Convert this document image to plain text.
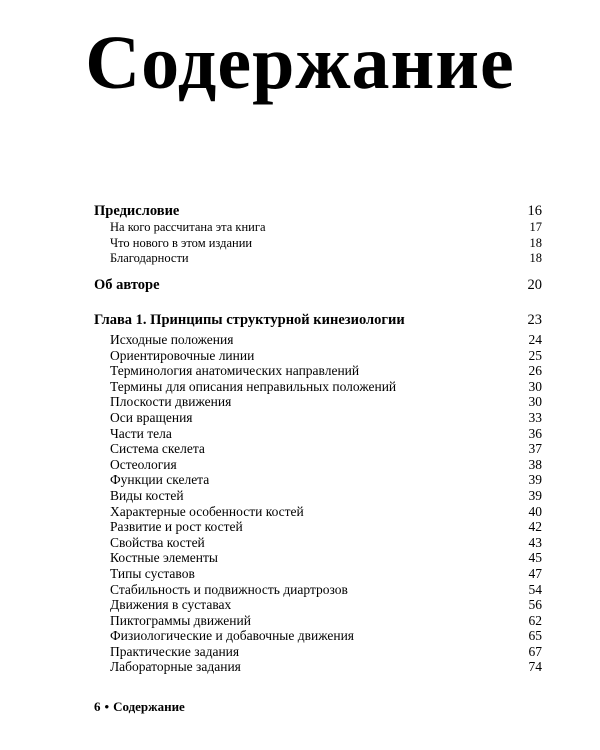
Содержание
Предисловие	16
На кого рассчитана эта книга	17
Что нового в этом издании	18
Благодарности	18
Об авторе	20
Глава 1. Принципы структурной кинезиологии	23
Исходные положения	24
Ориентировочные линии	25
Терминология анатомических направлений	26
Термины для описания неправильных положений	30
Плоскости движения	30
Оси вращения	33
Части тела	36
Система скелета	37
Остеология	38
Функции скелета	39
Виды костей	39
Характерные особенности костей	40
Развитие и рост костей	42
Свойства костей	43
Костные элементы	45
Типы суставов	47
Стабильность и подвижность диартрозов	54
Движения в суставах	56
Пиктограммы движений	62
Физиологические и добавочные движения	65
Практические задания	67
Лабораторные задания	74
6 • Содержание
